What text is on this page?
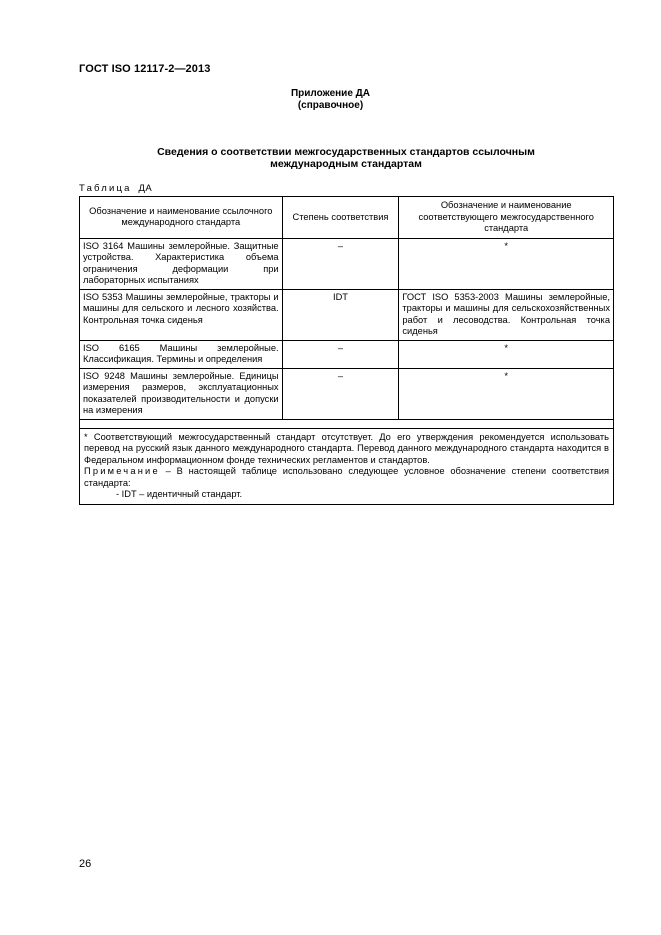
ГОСТ ISO 12117-2—2013
Приложение ДА
(справочное)
Сведения о соответствии межгосударственных стандартов ссылочным
международным стандартам
Таблица ДА
Обозначение и наименование ссылочного международного стандарта	Степень соответствия	Обозначение и наименование соответствующего межгосударственного стандарта
ISO 3164 Машины землеройные. Защитные устройства. Характеристика объема ограничения деформации при лабораторных испытаниях	–	*
ISO 5353 Машины землеройные, тракторы и машины для сельского и лесного хозяйства. Контрольная точка сиденья	IDT	ГОСТ ISO 5353-2003 Машины землеройные, тракторы и машины для сельскохозяйственных работ и лесоводства. Контрольная точка сиденья
ISO 6165 Машины землеройные. Классификация. Термины и определения	–	*
ISO 9248 Машины землеройные. Единицы измерения размеров, эксплуатационных показателей производительности и допуски на измерения	–	*

* Соответствующий межгосударственный стандарт отсутствует. До его утверждения рекомендуется использовать перевод на русский язык данного международного стандарта. Перевод данного международного стандарта находится в Федеральном информационном фонде технических регламентов и стандартов.

Примечание – В настоящей таблице использовано следующее условное обозначение степени соответствия стандарта:

- IDT – идентичный стандарт.		

26
